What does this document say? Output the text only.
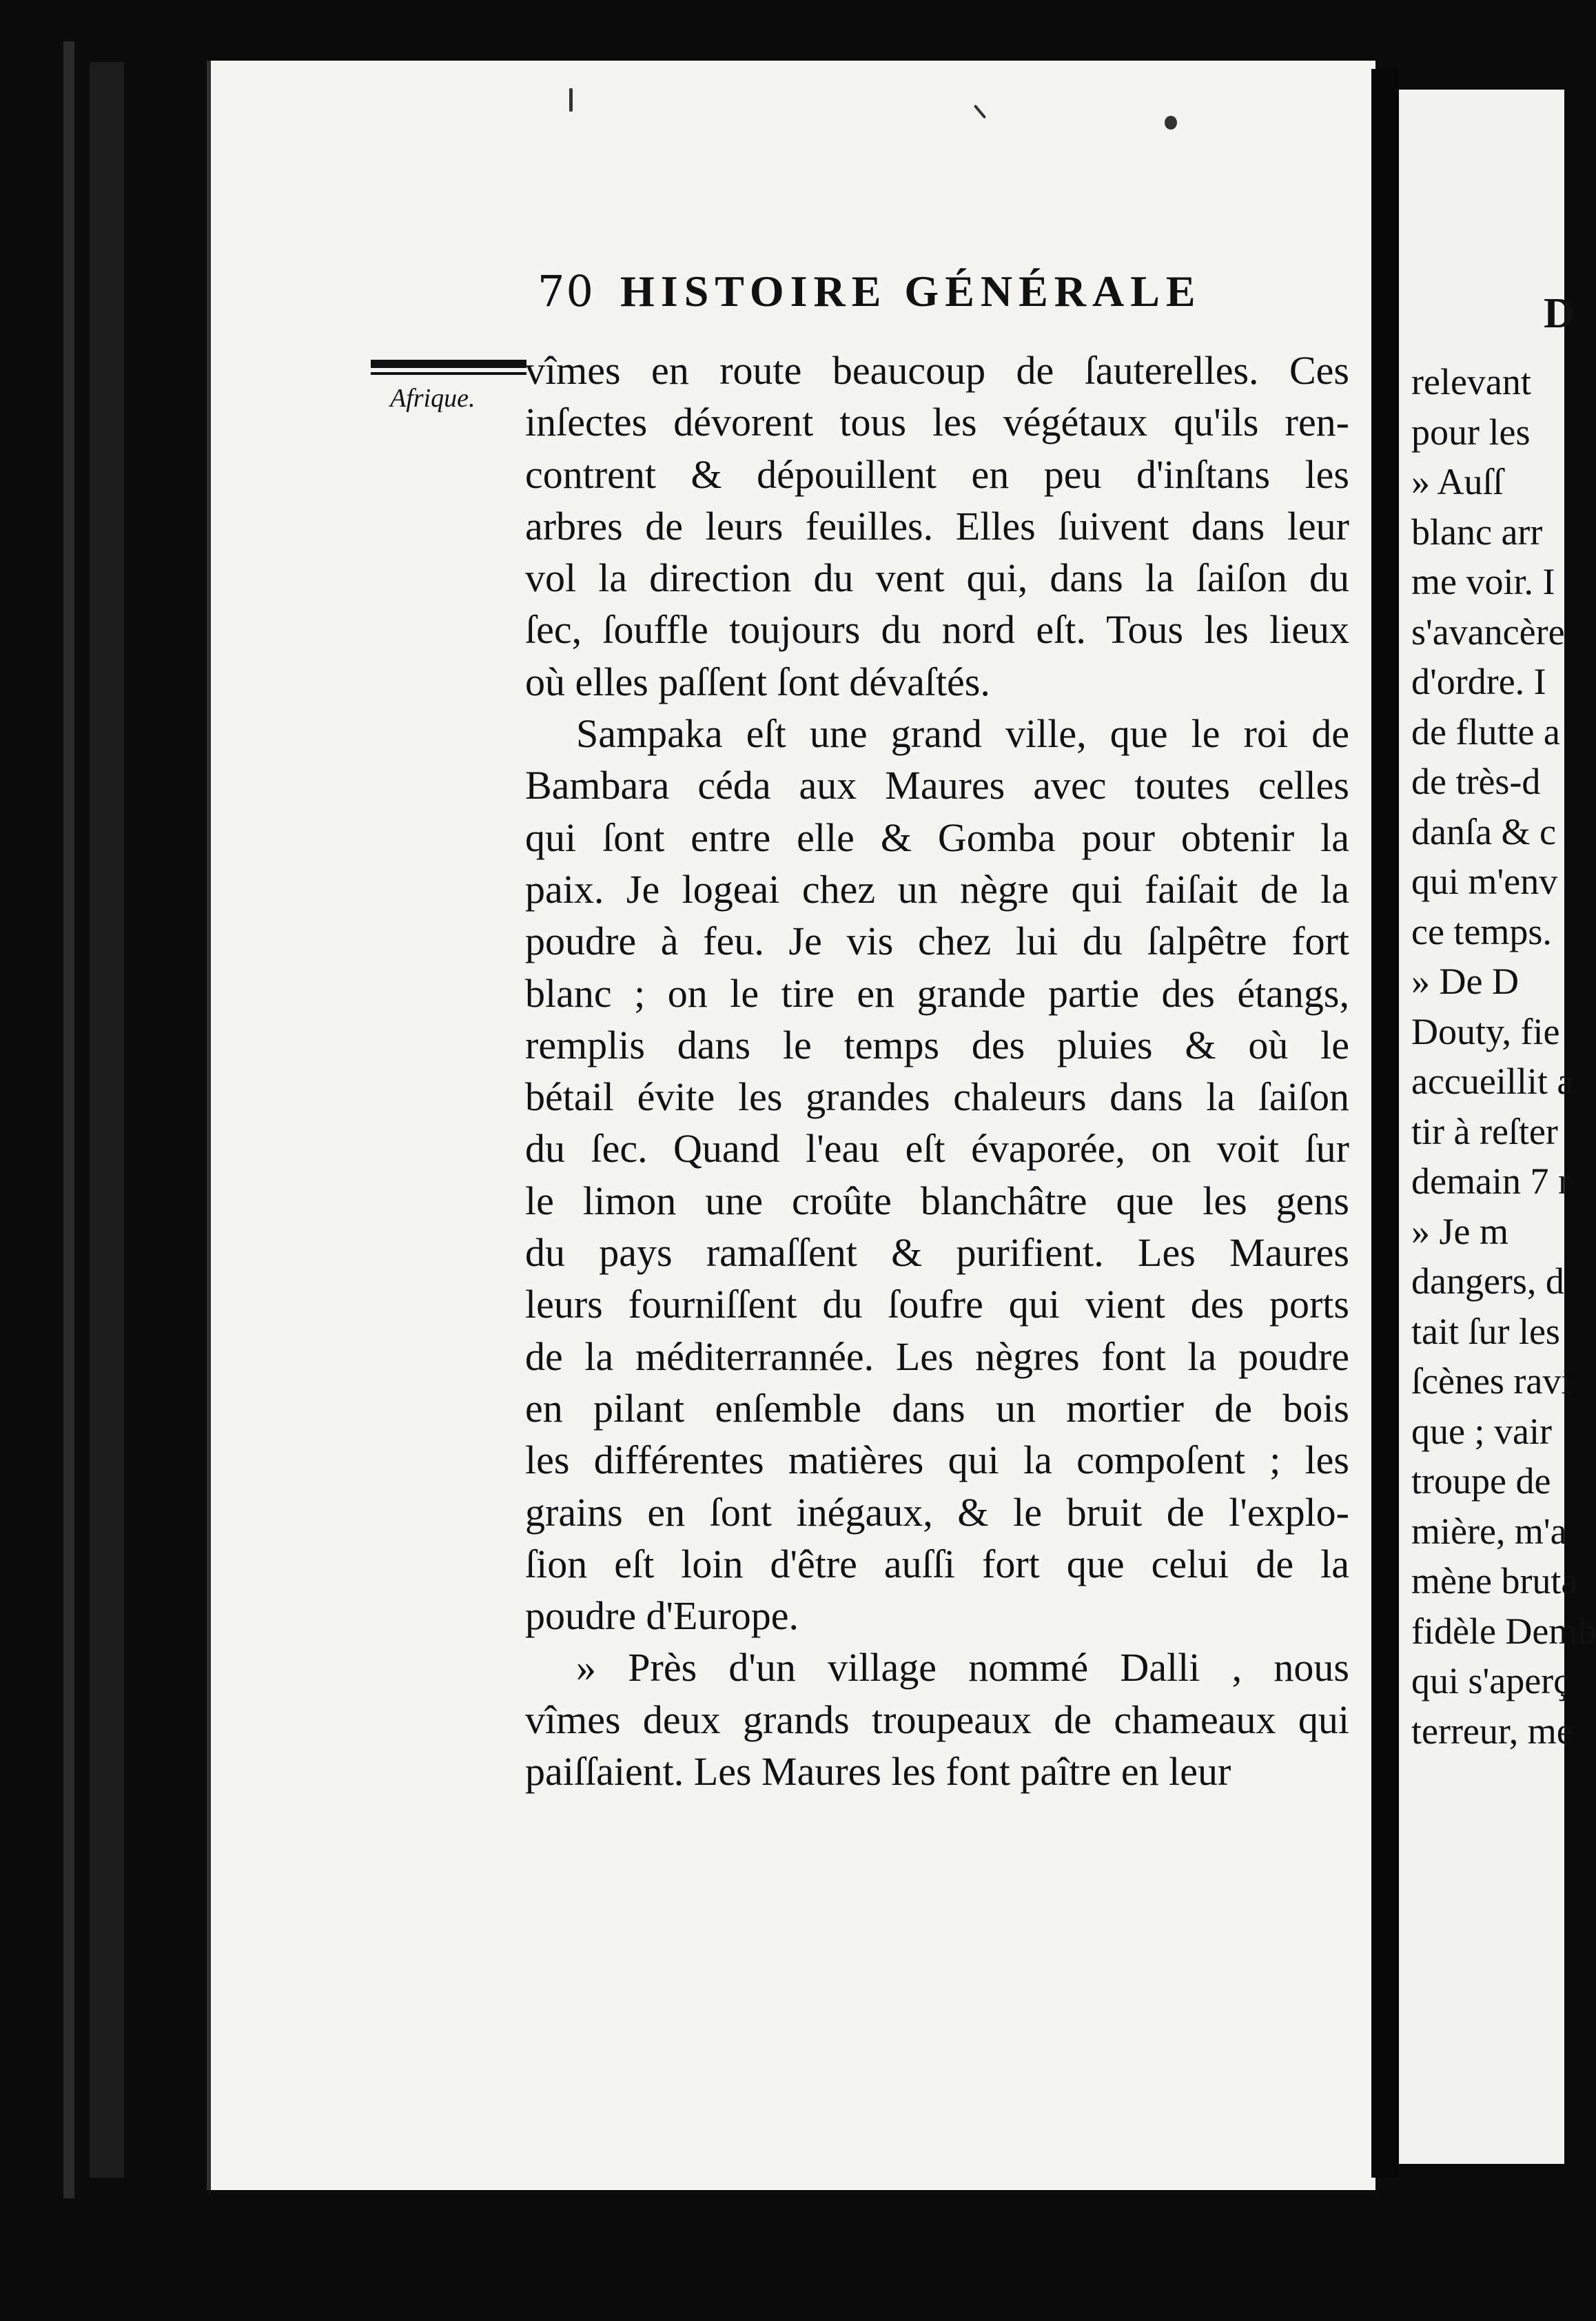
D
relevant
pour les
» Auſſ
blanc arr
me voir. I
s'avancère
d'ordre. I
de flutte a
de très-d
danſa & c
qui m'env
ce temps.
» De D
Douty, fie
accueillit a
tir à reſter
demain 7 r
» Je m
dangers, d
tait ſur les
ſcènes ravi
que ; vair
troupe de
mière, m'a
mène bruta
fidèle Demb
qui s'aperç
terreur, me
70 HISTOIRE GÉNÉRALE
Afrique.
vîmes en route beaucoup de ſauterelles. Ces
inſectes dévorent tous les végétaux qu'ils ren-
contrent & dépouillent en peu d'inſtans les
arbres de leurs feuilles. Elles ſuivent dans leur
vol la direction du vent qui, dans la ſaiſon du
ſec, ſouffle toujours du nord eſt. Tous les lieux
où elles paſſent ſont dévaſtés.
Sampaka eſt une grand ville, que le roi de
Bambara céda aux Maures avec toutes celles
qui ſont entre elle & Gomba pour obtenir la
paix. Je logeai chez un nègre qui faiſait de la
poudre à feu. Je vis chez lui du ſalpêtre fort
blanc ; on le tire en grande partie des étangs,
remplis dans le temps des pluies & où le
bétail évite les grandes chaleurs dans la ſaiſon
du ſec. Quand l'eau eſt évaporée, on voit ſur
le limon une croûte blanchâtre que les gens
du pays ramaſſent & purifient. Les Maures
leurs fourniſſent du ſoufre qui vient des ports
de la méditerrannée. Les nègres font la poudre
en pilant enſemble dans un mortier de bois
les différentes matières qui la compoſent ; les
grains en ſont inégaux, & le bruit de l'explo-
ſion eſt loin d'être auſſi fort que celui de la
poudre d'Europe.
» Près d'un village nommé Dalli , nous
vîmes deux grands troupeaux de chameaux qui
paiſſaient. Les Maures les font paître en leur
